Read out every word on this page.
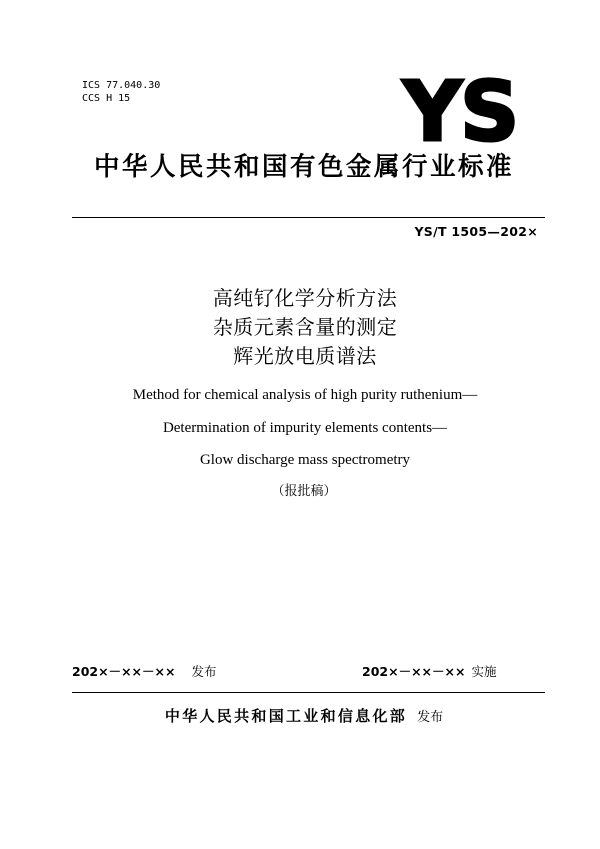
ICS 77.040.30
CCS H 15	YS
中华人民共和国有色金属行业标准
YS/T 1505—202×
高纯钌化学分析方法
杂质元素含量的测定
辉光放电质谱法
Method for chemical analysis of high purity ruthenium—
Determination of impurity elements contents—
Glow discharge mass spectrometry
（报批稿）
202×－××－×× 发布	202×－××－×× 实施
中华人民共和国工业和信息化部 发布
